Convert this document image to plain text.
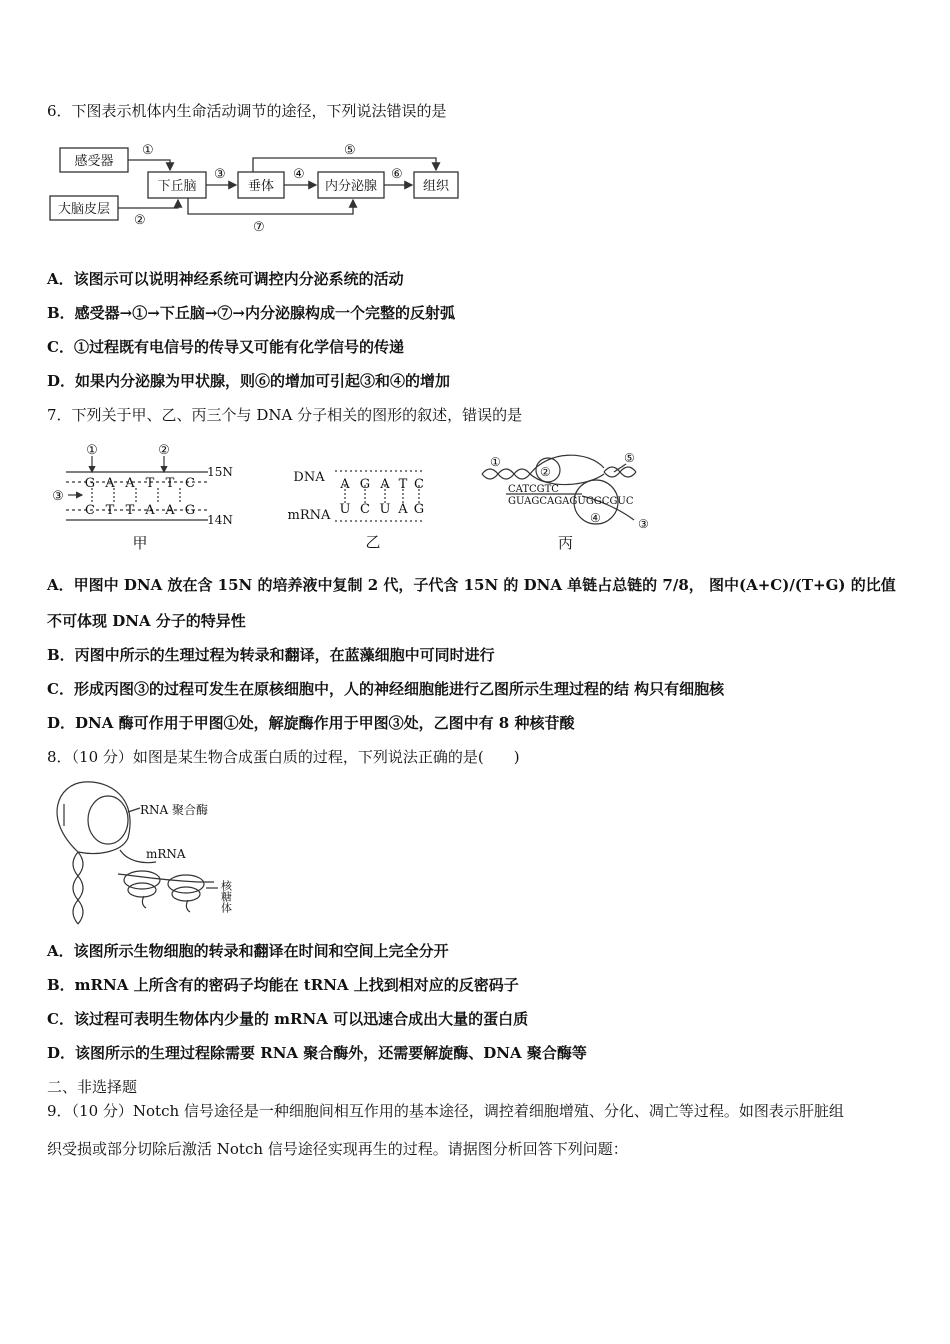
6．下图表示机体内生命活动调节的途径，下列说法错误的是
感受器
大脑皮层
下丘脑	垂体	内分泌腺	组织
①
②
③	④
⑤
⑥
⑦
A．该图示可以说明神经系统可调控内分泌系统的活动
B．感受器→①→下丘脑→⑦→内分泌腺构成一个完整的反射弧
C．①过程既有电信号的传导又可能有化学信号的传递
D．如果内分泌腺为甲状腺，则⑥的增加可引起③和④的增加
7．下列关于甲、乙、丙三个与 DNA 分子相关的图形的叙述，错误的是
①	②
③
G A A T T C
C T T A A G
15N
14N
甲
DNA
mRNA
A G A T C
U C U A G
乙
①
②
③
④
⑤
CATCGTC
GUAGCAGAGUGGCGUC
丙
A．甲图中 DNA 放在含 15N 的培养液中复制 2 代，子代含 15N 的 DNA 单链占总链的 7/8， 图中(A+C)/(T+G) 的比值
不可体现 DNA 分子的特异性
B．丙图中所示的生理过程为转录和翻译，在蓝藻细胞中可同时进行
C．形成丙图③的过程可发生在原核细胞中，人的神经细胞能进行乙图所示生理过程的结 构只有细胞核
D．DNA 酶可作用于甲图①处，解旋酶作用于甲图③处，乙图中有 8 种核苷酸
8．（10 分）如图是某生物合成蛋白质的过程，下列说法正确的是(　　)
RNA 聚合酶
mRNA
核糖体
A．该图所示生物细胞的转录和翻译在时间和空间上完全分开
B．mRNA 上所含有的密码子均能在 tRNA 上找到相对应的反密码子
C．该过程可表明生物体内少量的 mRNA 可以迅速合成出大量的蛋白质
D．该图所示的生理过程除需要 RNA 聚合酶外，还需要解旋酶、DNA 聚合酶等
二、非选择题
9．（10 分）Notch 信号途径是一种细胞间相互作用的基本途径，调控着细胞增殖、分化、凋亡等过程。如图表示肝脏组
织受损或部分切除后激活 Notch 信号途径实现再生的过程。请据图分析回答下列问题：
